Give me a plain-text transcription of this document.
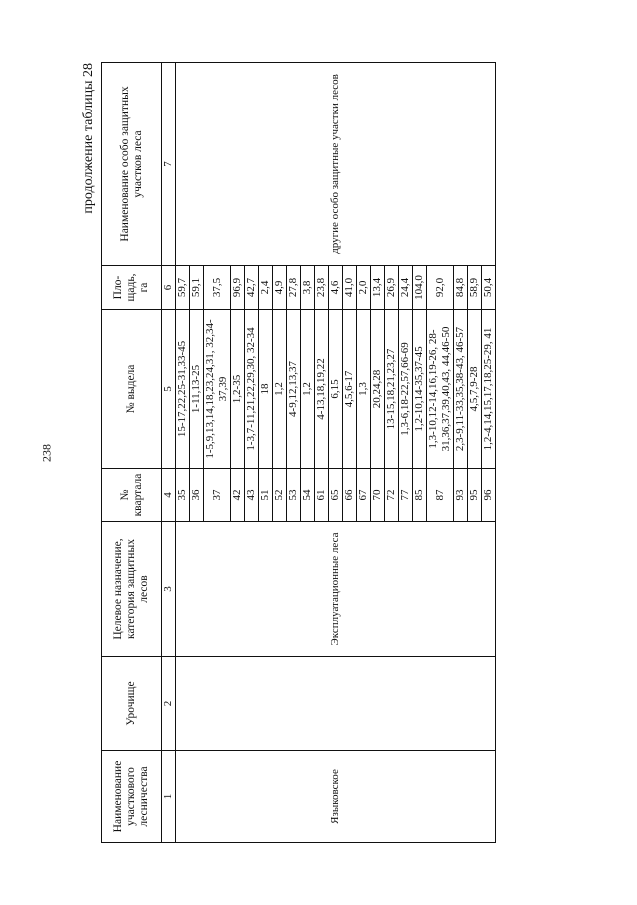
238
продолжение таблицы 28
Наименование участкового лесничества	Урочище	Целевое назначение, категория защитных лесов	№ квартала	№ выдела	Пло-щадь, га	Наименование особо защитных участков леса
1	2	3	4	5	6	7
Языковское		Эксплуатационные леса	35	15-17,22,25-31,33-45	59,7	другие особо защитные участки лесов
			36	1-11,13-25	59,1	
			37	1-5,9,13,14,18,23,24,31, 32,34-37,39	37,5	
			42	1,2-35	96,9	
			43	1-3,7-11,21,22,29,30, 32-34	42,7	
			51	18	2,4	
			52	1,2	4,9	
			53	4-9,12,13,37	27,8	
			54	1,2	3,8	
			61	4-13,18,19,22	23,8	
			65	6,15	4,6	
			66	4,5,6-17	41,0	
			67	1,3	2,0	
			70	20,24,28	13,4	
			72	13-15,18,21,23,27	26,9	
			77	1,3-6,18-22,57,66-69	24,4	
			85	1,2-10,14-35,37-45	104,0	
			87	1,3-10,12-14,16,19-26, 28-31,36,37,39,40,43, 44,46-50	92,0	
			93	2,3-9,11-33,35,38-43, 46-57	84,8	
			95	4,5,7,9-28	58,9	
			96	1,2-4,14,15,17,18,25-29, 41	50,4	
